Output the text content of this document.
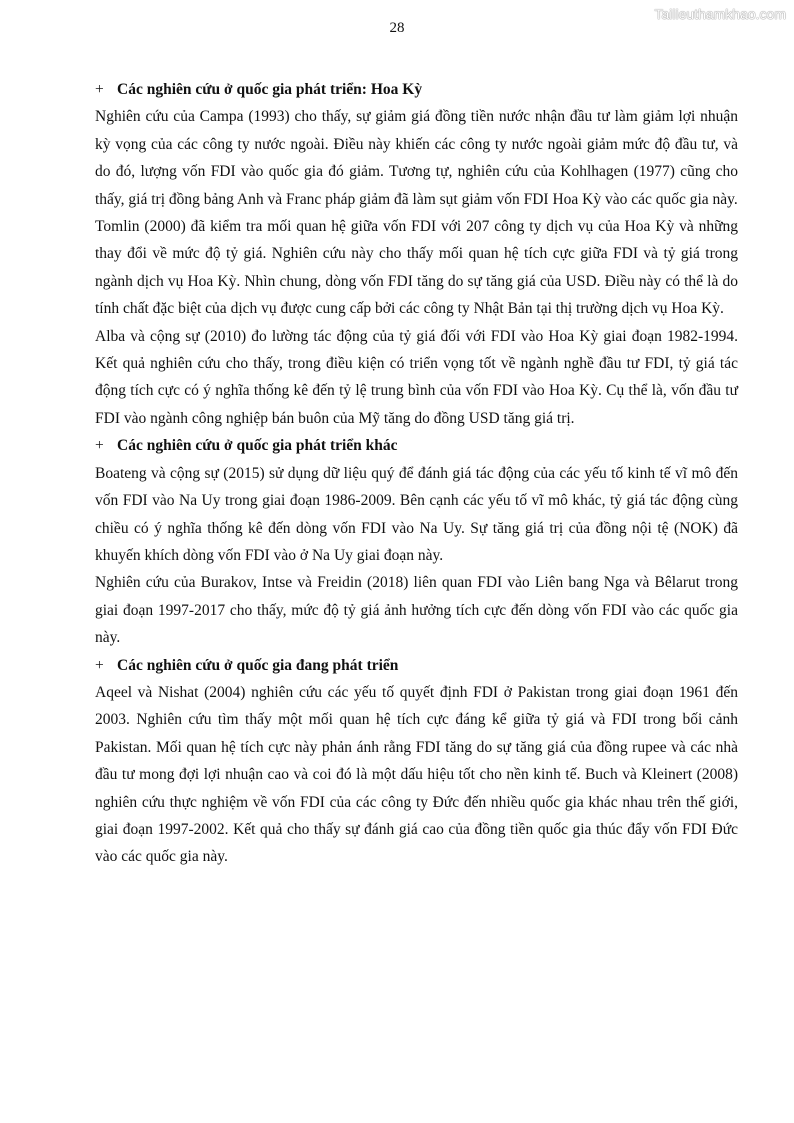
Tailieuthamkhao.com
28
+ Các nghiên cứu ở quốc gia phát triển: Hoa Kỳ

Nghiên cứu của Campa (1993) cho thấy, sự giảm giá đồng tiền nước nhận đầu tư làm giảm lợi nhuận kỳ vọng của các công ty nước ngoài. Điều này khiến các công ty nước ngoài giảm mức độ đầu tư, và do đó, lượng vốn FDI vào quốc gia đó giảm. Tương tự, nghiên cứu của Kohlhagen (1977) cũng cho thấy, giá trị đồng bảng Anh và Franc pháp giảm đã làm sụt giảm vốn FDI Hoa Kỳ vào các quốc gia này.

Tomlin (2000) đã kiểm tra mối quan hệ giữa vốn FDI với 207 công ty dịch vụ của Hoa Kỳ và những thay đổi về mức độ tỷ giá. Nghiên cứu này cho thấy mối quan hệ tích cực giữa FDI và tỷ giá trong ngành dịch vụ Hoa Kỳ. Nhìn chung, dòng vốn FDI tăng do sự tăng giá của USD. Điều này có thể là do tính chất đặc biệt của dịch vụ được cung cấp bởi các công ty Nhật Bản tại thị trường dịch vụ Hoa Kỳ.

Alba và cộng sự (2010) đo lường tác động của tỷ giá đối với FDI vào Hoa Kỳ giai đoạn 1982-1994. Kết quả nghiên cứu cho thấy, trong điều kiện có triển vọng tốt về ngành nghề đầu tư FDI, tỷ giá tác động tích cực có ý nghĩa thống kê đến tỷ lệ trung bình của vốn FDI vào Hoa Kỳ. Cụ thể là, vốn đầu tư FDI vào ngành công nghiệp bán buôn của Mỹ tăng do đồng USD tăng giá trị.

+ Các nghiên cứu ở quốc gia phát triển khác

Boateng và cộng sự (2015) sử dụng dữ liệu quý để đánh giá tác động của các yếu tố kinh tế vĩ mô đến vốn FDI vào Na Uy trong giai đoạn 1986-2009. Bên cạnh các yếu tố vĩ mô khác, tỷ giá tác động cùng chiều có ý nghĩa thống kê đến dòng vốn FDI vào Na Uy. Sự tăng giá trị của đồng nội tệ (NOK) đã khuyến khích dòng vốn FDI vào ở Na Uy giai đoạn này.

Nghiên cứu của Burakov, Intse và Freidin (2018) liên quan FDI vào Liên bang Nga và Bêlarut trong giai đoạn 1997-2017 cho thấy, mức độ tỷ giá ảnh hưởng tích cực đến dòng vốn FDI vào các quốc gia này.

+ Các nghiên cứu ở quốc gia đang phát triển

Aqeel và Nishat (2004) nghiên cứu các yếu tố quyết định FDI ở Pakistan trong giai đoạn 1961 đến 2003. Nghiên cứu tìm thấy một mối quan hệ tích cực đáng kể giữa tỷ giá và FDI trong bối cảnh Pakistan. Mối quan hệ tích cực này phản ánh rằng FDI tăng do sự tăng giá của đồng rupee và các nhà đầu tư mong đợi lợi nhuận cao và coi đó là một dấu hiệu tốt cho nền kinh tế. Buch và Kleinert (2008) nghiên cứu thực nghiệm về vốn FDI của các công ty Đức đến nhiều quốc gia khác nhau trên thế giới, giai đoạn 1997-2002. Kết quả cho thấy sự đánh giá cao của đồng tiền quốc gia thúc đẩy vốn FDI Đức vào các quốc gia này.
